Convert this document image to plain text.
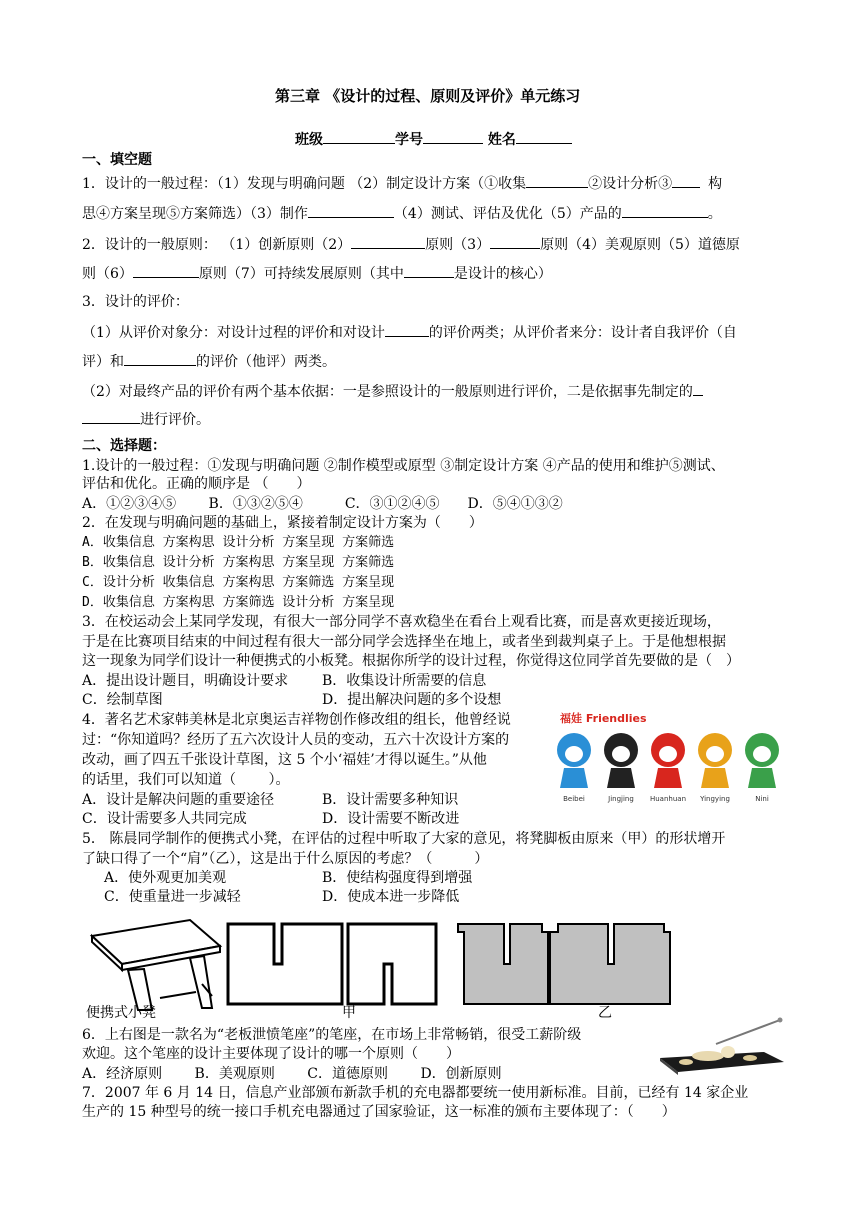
第三章 《设计的过程、原则及评价》单元练习
班级	学号	姓名
一、填空题
1．设计的一般过程：（1）发现与明确问题 （2）制定设计方案（①收集	②设计分析③	构
思④方案呈现⑤方案筛选）（3）制作	（4）测试、评估及优化（5）产品的	。
2．设计的一般原则： （1）创新原则（2）	原则（3）	原则（4）美观原则（5）道德原
则（6）	原则（7）可持续发展原则（其中	是设计的核心）
3．设计的评价：
（1）从评价对象分：对设计过程的评价和对设计	的评价两类；从评价者来分：设计者自我评价（自
评）和	的评价（他评）两类。
（2）对最终产品的评价有两个基本依据：一是参照设计的一般原则进行评价，二是依据事先制定的
进行评价。
二、选择题：
1.设计的一般过程：①发现与明确问题 ②制作模型或原型 ③制定设计方案 ④产品的使用和维护⑤测试、
评估和优化。正确的顺序是 （　　）
A．①②③④⑤　　 B．①③②⑤④　　　C．③①②④⑤　　D．⑤④①③②
2．在发现与明确问题的基础上，紧接着制定设计方案为（　　）
A．收集信息 方案构思 设计分析 方案呈现 方案筛选
B．收集信息 设计分析 方案构思 方案呈现 方案筛选
C．设计分析 收集信息 方案构思 方案筛选 方案呈现
D．收集信息 方案构思 方案筛选 设计分析 方案呈现
3．在校运动会上某同学发现，有很大一部分同学不喜欢稳坐在看台上观看比赛，而是喜欢更接近现场，
于是在比赛项目结束的中间过程有很大一部分同学会选择坐在地上，或者坐到裁判桌子上。于是他想根据
这一现象为同学们设计一种便携式的小板凳。根据你所学的设计过程，你觉得这位同学首先要做的是（　）
A．提出设计题目，明确设计要求 B．收集设计所需要的信息
C．绘制草图	D．提出解决问题的多个设想
4．著名艺术家韩美林是北京奥运吉祥物创作修改组的组长，他曾经说
过：“你知道吗？经历了五六次设计人员的变动，五六十次设计方案的
改动，画了四五千张设计草图，这 5 个小‘福娃’才得以诞生。”从他
的话里，我们可以知道（　　 ）。
A．设计是解决问题的重要途径	B．设计需要多种知识
C．设计需要多人共同完成	D．设计需要不断改进
福娃 Friendlies
Beibei	Jingjing Huanhuan Yingying	Nini
5． 陈晨同学制作的便携式小凳，在评估的过程中听取了大家的意见，将凳脚板由原来（甲）的形状增开
了缺口得了一个“肩”（乙），这是出于什么原因的考虑？（　　　）
A．使外观更加美观	B．使结构强度得到增强
C．使重量进一步减轻	D．使成本进一步降低
便携式小凳	甲	乙
6．上右图是一款名为“老板泄愤笔座”的笔座，在市场上非常畅销，很受工薪阶级
欢迎。这个笔座的设计主要体现了设计的哪一个原则（　　）
A．经济原则　　 B．美观原则　　 C．道德原则　　 D．创新原则
7．2007 年 6 月 14 日，信息产业部颁布新款手机的充电器都要统一使用新标准。目前，已经有 14 家企业
生产的 15 种型号的统一接口手机充电器通过了国家验证，这一标准的颁布主要体现了：（　　）
